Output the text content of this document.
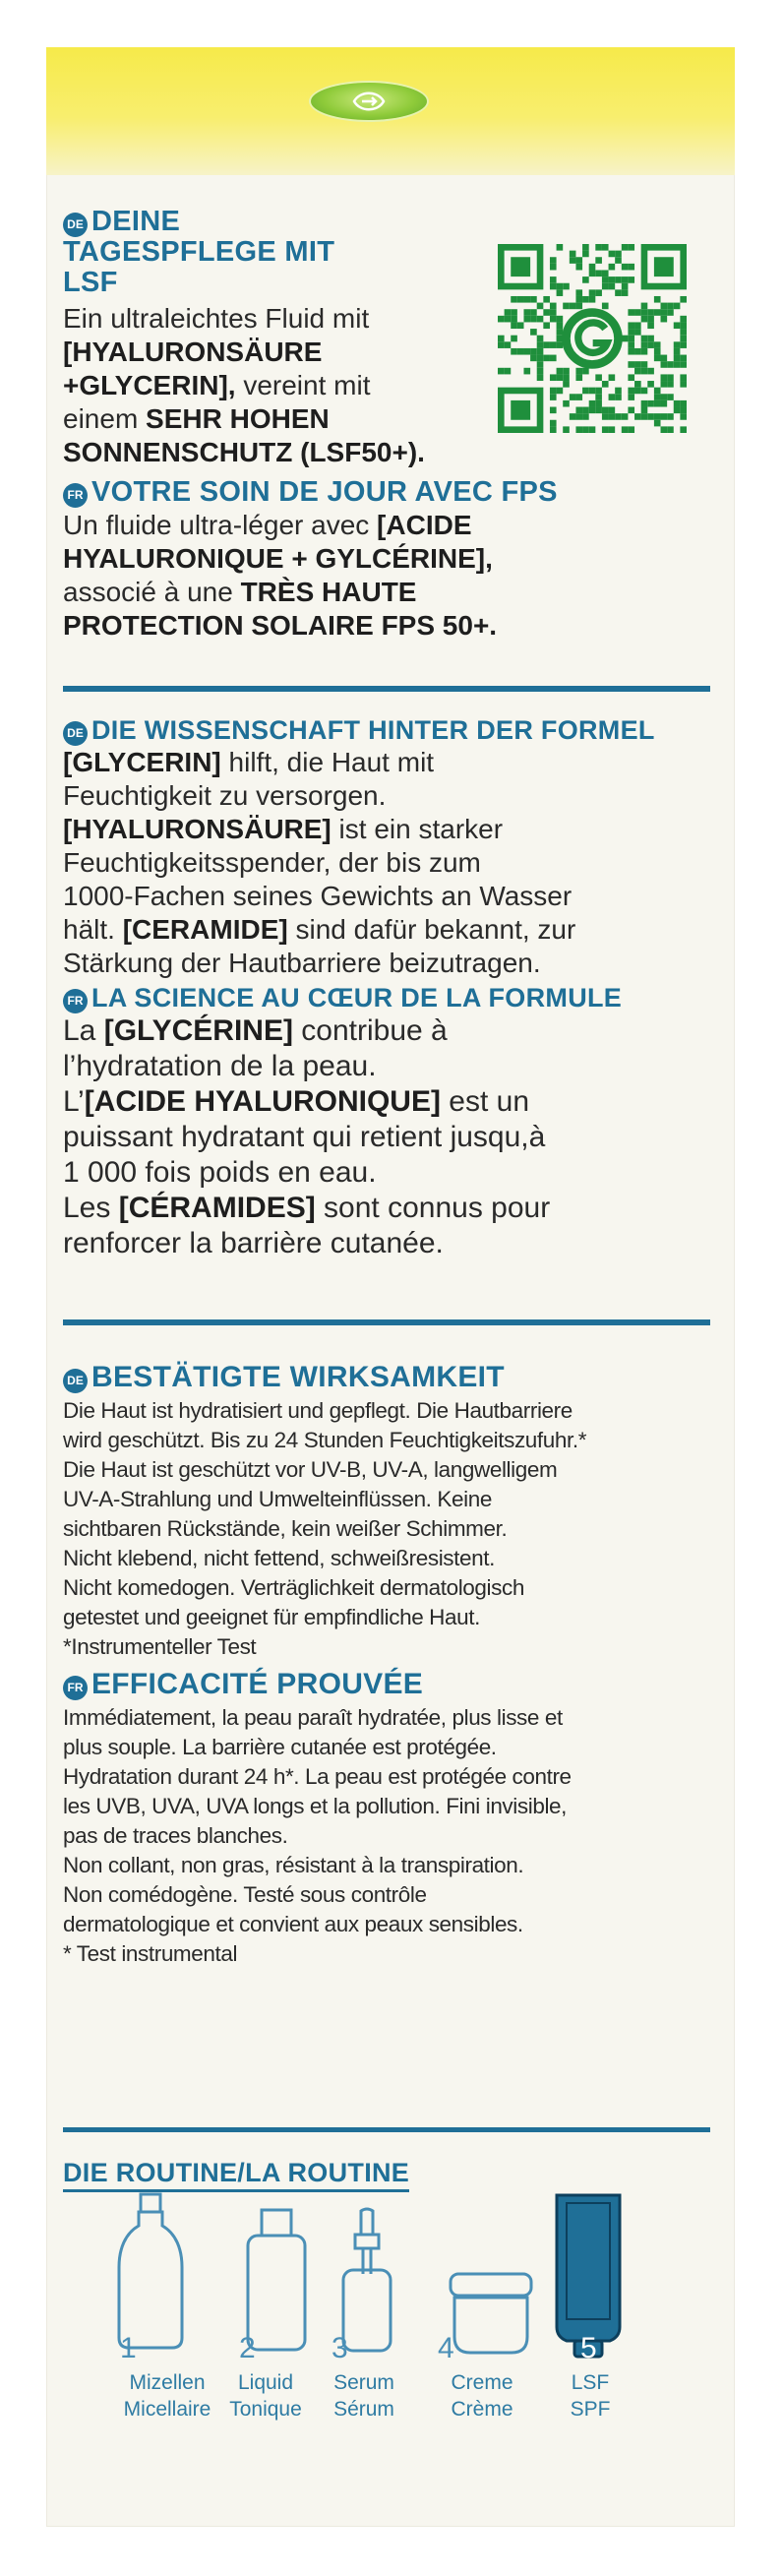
DE DEINE
TAGESPFLEGE MIT
LSF

Ein ultraleichtes Fluid mit

[HYALURONSÄURE

+GLYCERIN], vereint mit

einem SEHR HOHEN

SONNENSCHUTZ (LSF50+).

FR VOTRE SOIN DE JOUR AVEC FPS

Un fluide ultra-léger avec [ACIDE

HYALURONIQUE + GYLCÉRINE],

associé à une TRÈS HAUTE

PROTECTION SOLAIRE FPS 50+.

DE DIE WISSENSCHAFT HINTER DER FORMEL

[GLYCERIN] hilft, die Haut mit

Feuchtigkeit zu versorgen.

[HYALURONSÄURE] ist ein starker

Feuchtigkeitsspender, der bis zum

1000-Fachen seines Gewichts an Wasser

hält. [CERAMIDE] sind dafür bekannt, zur

Stärkung der Hautbarriere beizutragen.

FR LA SCIENCE AU CŒUR DE LA FORMULE

La [GLYCÉRINE] contribue à

l’hydratation de la peau.

L’[ACIDE HYALURONIQUE] est un

puissant hydratant qui retient jusqu,à

1 000 fois poids en eau.

Les [CÉRAMIDES] sont connus pour

renforcer la barrière cutanée.

DE BESTÄTIGTE WIRKSAMKEIT

Die Haut ist hydratisiert und gepflegt. Die Hautbarriere

wird geschützt. Bis zu 24 Stunden Feuchtigkeitszufuhr.*

Die Haut ist geschützt vor UV-B, UV-A, langwelligem

UV-A-Strahlung und Umwelteinflüssen. Keine

sichtbaren Rückstände, kein weißer Schimmer.

Nicht klebend, nicht fettend, schweißresistent.

Nicht komedogen. Verträglichkeit dermatologisch

getestet und geeignet für empfindliche Haut.

*Instrumenteller Test

FR EFFICACITÉ PROUVÉE

Immédiatement, la peau paraît hydratée, plus lisse et

plus souple. La barrière cutanée est protégée.

Hydratation durant 24 h*. La peau est protégée contre

les UVB, UVA, UVA longs et la pollution. Fini invisible,

pas de traces blanches.

Non collant, non gras, résistant à la transpiration.

Non comédogène. Testé sous contrôle

dermatologique et convient aux peaux sensibles.

* Test instrumental

DIE ROUTINE/LA ROUTINE
1
Mizellen
Micellaire
2
Liquid
Tonique
3
Serum
Sérum
4
Creme
Crème
5
LSF
SPF
